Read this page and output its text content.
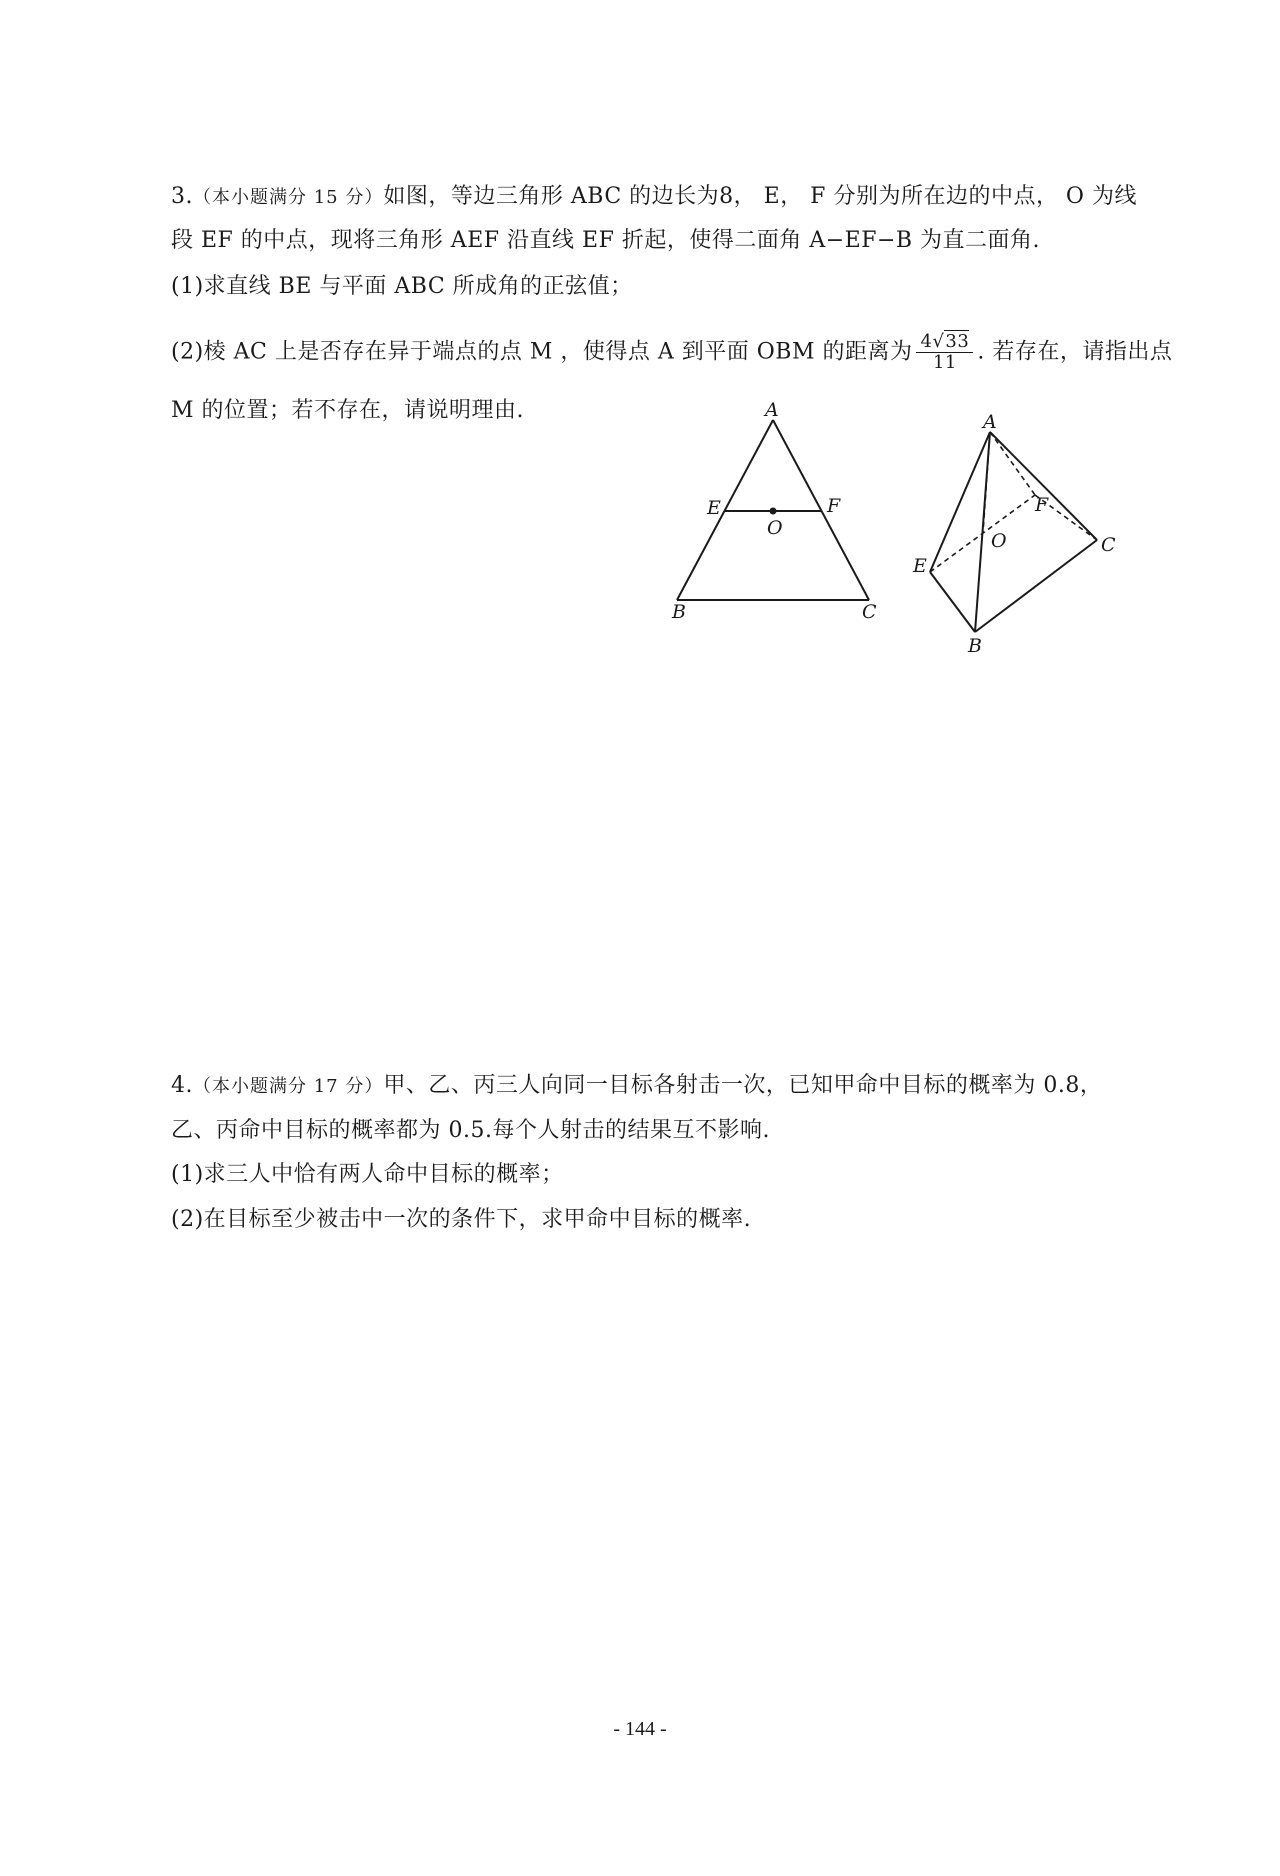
3.（本小题满分 15 分）如图，等边三角形 ABC 的边长为8， E， F 分别为所在边的中点， O 为线
段 EF 的中点，现将三角形 AEF 沿直线 EF 折起，使得二面角 A−EF−B 为直二面角.
(1)求直线 BE 与平面 ABC 所成角的正弦值；
(2)棱 AC 上是否存在异于端点的点 M ，使得点 A 到平面 OBM 的距离为 $\frac{4√33}{11}$ . 若存在，请指出点
M 的位置；若不存在，请说明理由.	A
B	C
E	F
O
A
B
C
E
F
O
4.（本小题满分 17 分）甲、乙、丙三人向同一目标各射击一次，已知甲命中目标的概率为 0.8，
乙、丙命中目标的概率都为 0.5.每个人射击的结果互不影响.
(1)求三人中恰有两人命中目标的概率；
(2)在目标至少被击中一次的条件下，求甲命中目标的概率.
- 144 -
